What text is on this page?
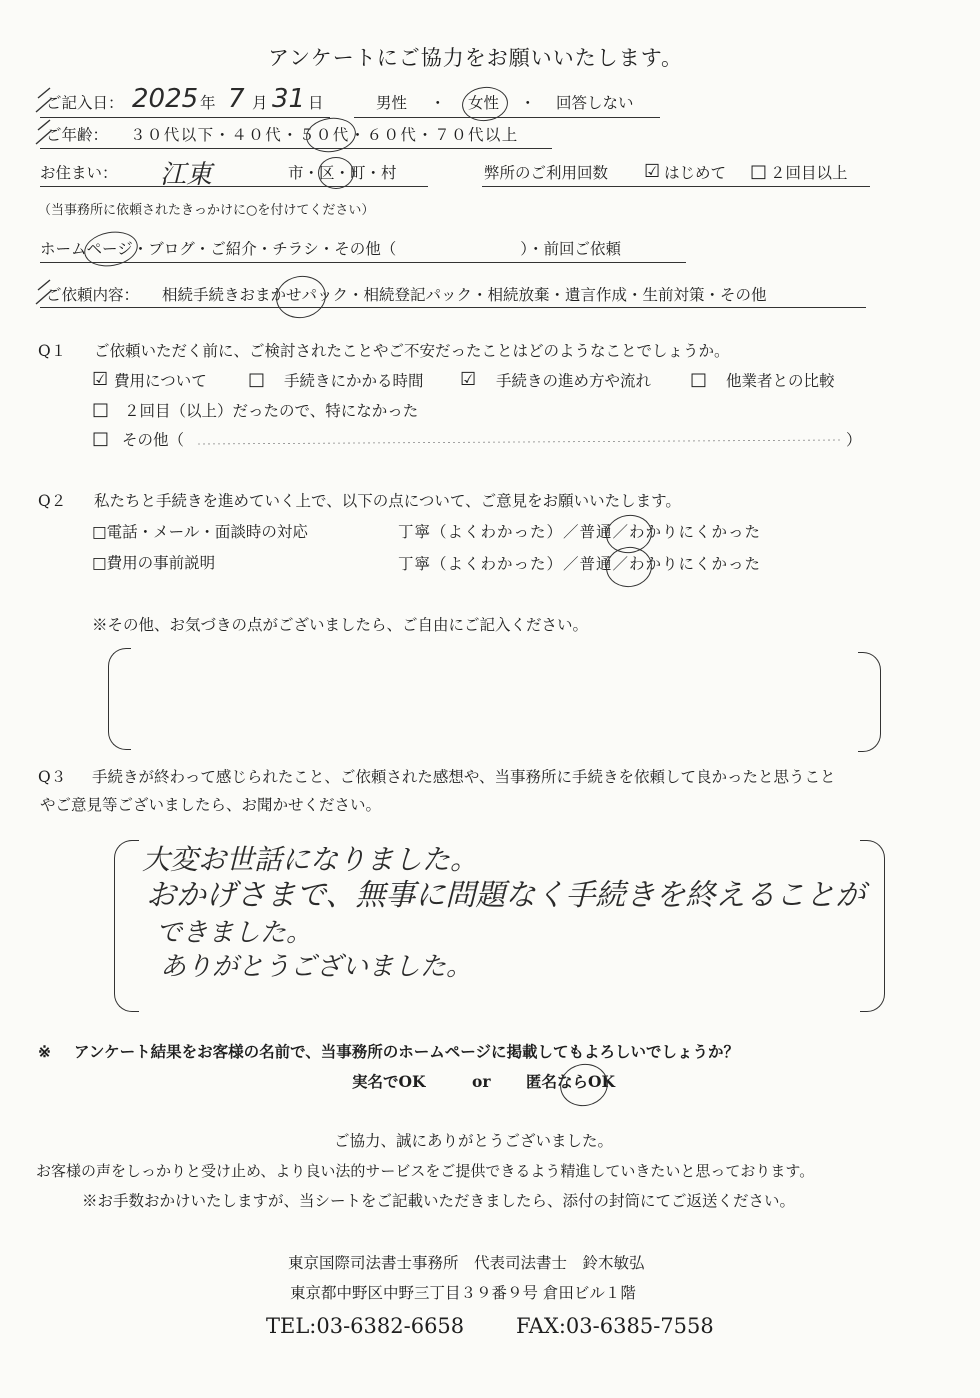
アンケートにご協力をお願いいたします。
ご記入日： 2025 年 7 月 31 日	男性 ・ 女性 ・ 回答しない
ご年齢： ３０代以下・４０代・５０代・６０代・７０代以上
お住まい： 江東	市・区・町・村	弊所のご利用回数 ☑ はじめて □ ２回目以上
（当事務所に依頼されたきっかけに○を付けてください）
ホームページ・ブログ・ご紹介・チラシ・その他（　　　　　　　　）・前回ご依頼
ご依頼内容： 相続手続きおまかせパック・相続登記パック・相続放棄・遺言作成・生前対策・その他
Q１ ご依頼いただく前に、ご検討されたことやご不安だったことはどのようなことでしょうか。
☑ 費用について □ 手続きにかかる時間 ☑ 手続きの進め方や流れ □ 他業者との比較
□ ２回目（以上）だったので、特になかった
□ その他（	）
Q２ 私たちと手続きを進めていく上で、以下の点について、ご意見をお願いいたします。
□電話・メール・面談時の対応	丁寧（よくわかった）／普通／わかりにくかった
□費用の事前説明	丁寧（よくわかった）／普通／わかりにくかった
※その他、お気づきの点がございましたら、ご自由にご記入ください。
Q３ 手続きが終わって感じられたこと、ご依頼された感想や、当事務所に手続きを依頼して良かったと思うこと
やご意見等ございましたら、お聞かせください。
大変お世話になりました。
おかげさまで、無事に問題なく手続きを終えることが
できました。
ありがとうございました。
※ アンケート結果をお客様の名前で、当事務所のホームページに掲載してもよろしいでしょうか？
実名でOK	or 匿名ならOK
ご協力、誠にありがとうございました。
お客様の声をしっかりと受け止め、より良い法的サービスをご提供できるよう精進していきたいと思っております。
※お手数おかけいたしますが、当シートをご記載いただきましたら、添付の封筒にてご返送ください。
東京国際司法書士事務所　代表司法書士　鈴木敏弘
東京都中野区中野三丁目３９番９号 倉田ビル１階
TEL:03-6382-6658 FAX:03-6385-7558
